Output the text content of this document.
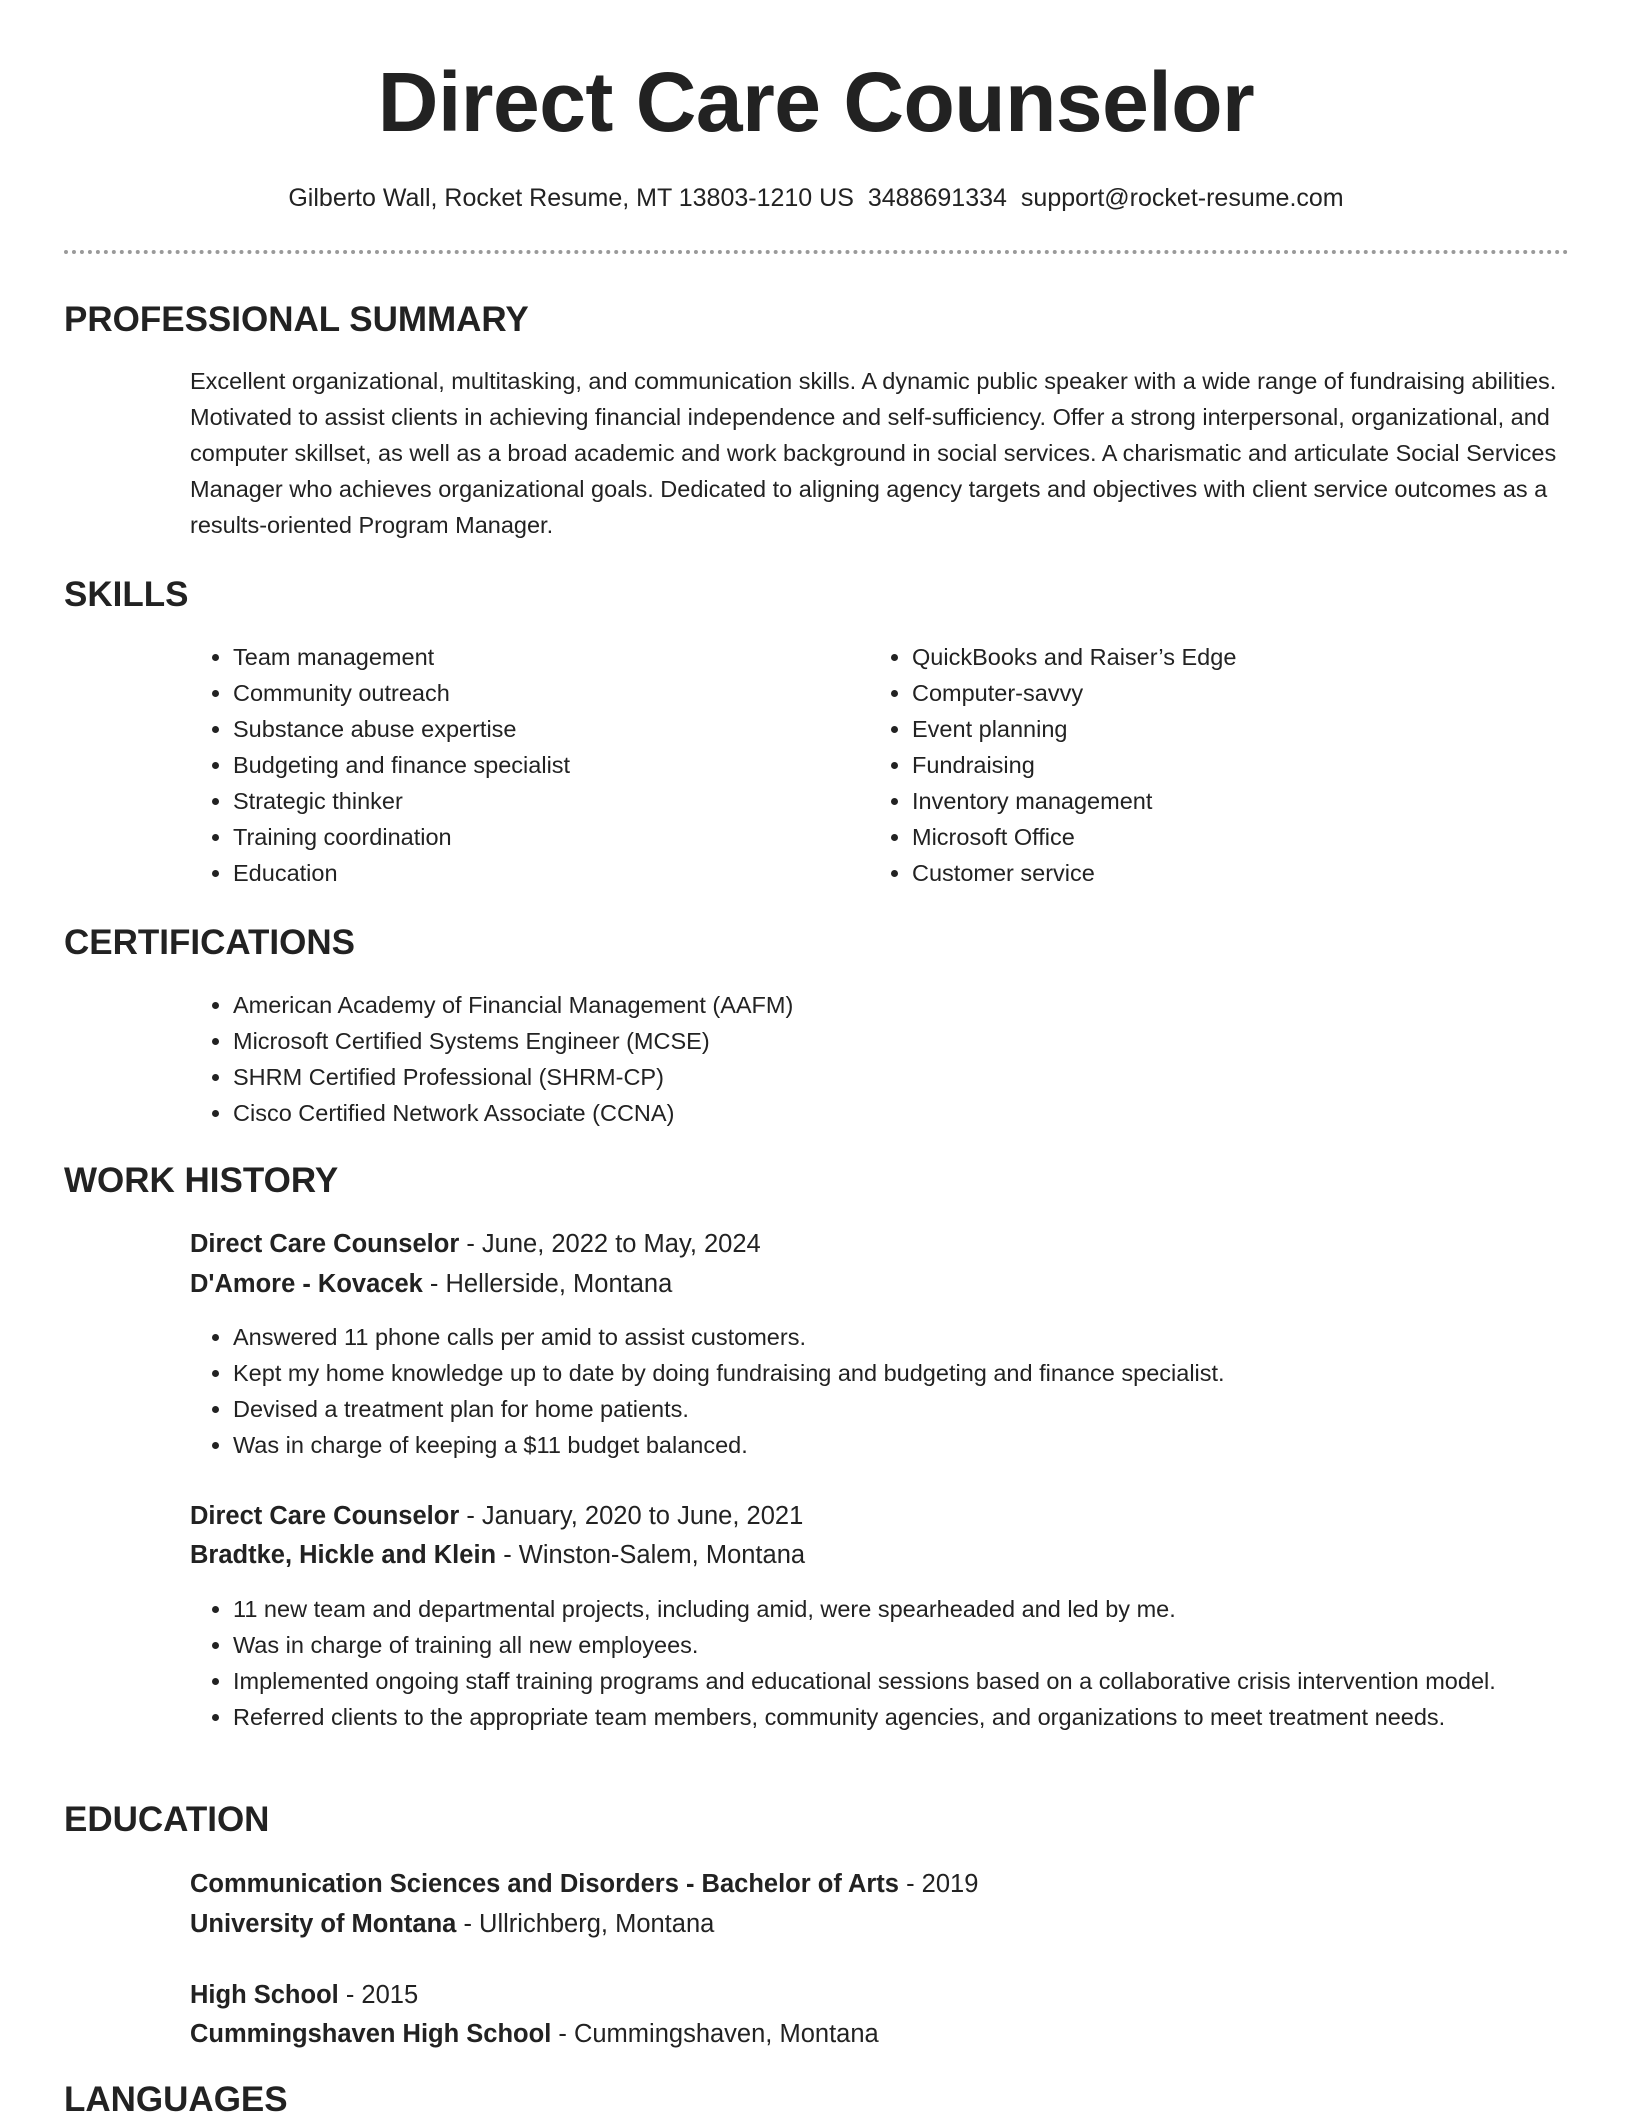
Direct Care Counselor
Gilberto Wall, Rocket Resume, MT 13803-1210 US 3488691334 support@rocket-resume.com
PROFESSIONAL SUMMARY
Excellent organizational, multitasking, and communication skills. A dynamic public speaker with a wide range of fundraising abilities. Motivated to assist clients in achieving financial independence and self-sufficiency. Offer a strong interpersonal, organizational, and computer skillset, as well as a broad academic and work background in social services. A charismatic and articulate Social Services Manager who achieves organizational goals. Dedicated to aligning agency targets and objectives with client service outcomes as a results-oriented Program Manager.
SKILLS
• Team management
• Community outreach
• Substance abuse expertise
• Budgeting and finance specialist
• Strategic thinker
• Training coordination
• Education
• QuickBooks and Raiser’s Edge
• Computer-savvy
• Event planning
• Fundraising
• Inventory management
• Microsoft Office
• Customer service
CERTIFICATIONS
• American Academy of Financial Management (AAFM)
• Microsoft Certified Systems Engineer (MCSE)
• SHRM Certified Professional (SHRM-CP)
• Cisco Certified Network Associate (CCNA)
WORK HISTORY
Direct Care Counselor - June, 2022 to May, 2024
D'Amore - Kovacek - Hellerside, Montana
• Answered 11 phone calls per amid to assist customers.
• Kept my home knowledge up to date by doing fundraising and budgeting and finance specialist.
• Devised a treatment plan for home patients.
• Was in charge of keeping a $11 budget balanced.
Direct Care Counselor - January, 2020 to June, 2021
Bradtke, Hickle and Klein - Winston-Salem, Montana
• 11 new team and departmental projects, including amid, were spearheaded and led by me.
• Was in charge of training all new employees.
• Implemented ongoing staff training programs and educational sessions based on a collaborative crisis intervention model.
• Referred clients to the appropriate team members, community agencies, and organizations to meet treatment needs.
EDUCATION
Communication Sciences and Disorders - Bachelor of Arts - 2019
University of Montana - Ullrichberg, Montana
High School - 2015
Cummingshaven High School - Cummingshaven, Montana
LANGUAGES
